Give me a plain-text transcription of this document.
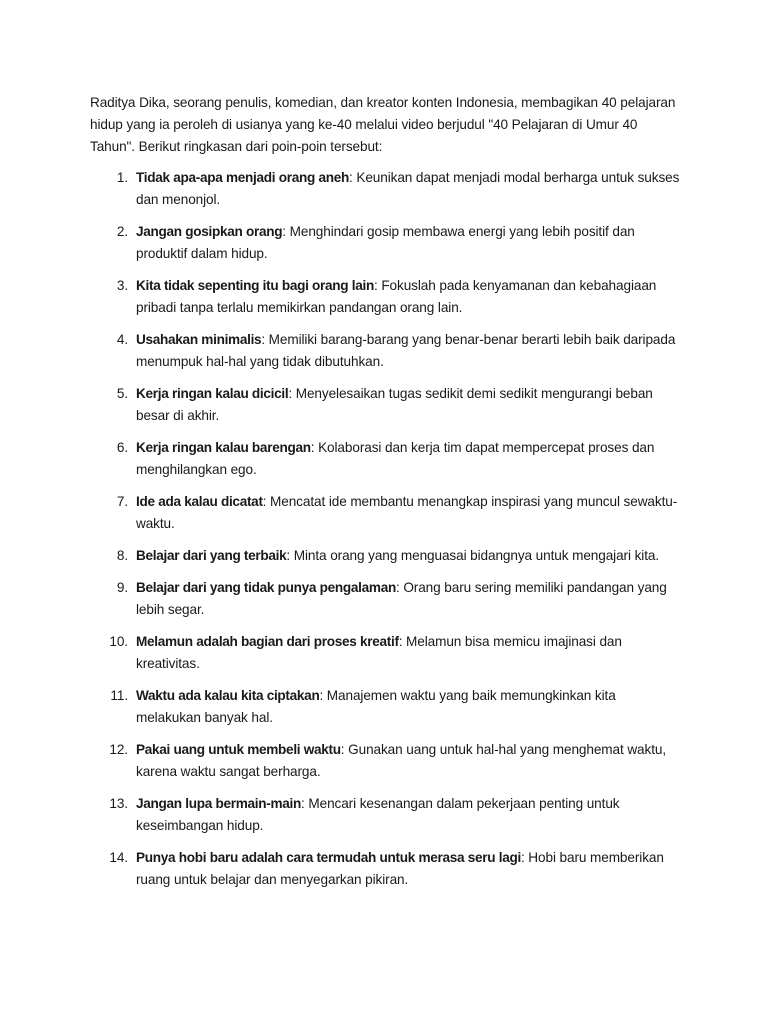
Raditya Dika, seorang penulis, komedian, dan kreator konten Indonesia, membagikan 40 pelajaran hidup yang ia peroleh di usianya yang ke-40 melalui video berjudul "40 Pelajaran di Umur 40 Tahun". Berikut ringkasan dari poin-poin tersebut:

1. Tidak apa-apa menjadi orang aneh: Keunikan dapat menjadi modal berharga untuk sukses dan menonjol.
2. Jangan gosipkan orang: Menghindari gosip membawa energi yang lebih positif dan produktif dalam hidup.
3. Kita tidak sepenting itu bagi orang lain: Fokuslah pada kenyamanan dan kebahagiaan pribadi tanpa terlalu memikirkan pandangan orang lain.
4. Usahakan minimalis: Memiliki barang-barang yang benar-benar berarti lebih baik daripada menumpuk hal-hal yang tidak dibutuhkan.
5. Kerja ringan kalau dicicil: Menyelesaikan tugas sedikit demi sedikit mengurangi beban besar di akhir.
6. Kerja ringan kalau barengan: Kolaborasi dan kerja tim dapat mempercepat proses dan menghilangkan ego.
7. Ide ada kalau dicatat: Mencatat ide membantu menangkap inspirasi yang muncul sewaktu-waktu.
8. Belajar dari yang terbaik: Minta orang yang menguasai bidangnya untuk mengajari kita.
9. Belajar dari yang tidak punya pengalaman: Orang baru sering memiliki pandangan yang lebih segar.
10. Melamun adalah bagian dari proses kreatif: Melamun bisa memicu imajinasi dan kreativitas.
11. Waktu ada kalau kita ciptakan: Manajemen waktu yang baik memungkinkan kita melakukan banyak hal.
12. Pakai uang untuk membeli waktu: Gunakan uang untuk hal-hal yang menghemat waktu, karena waktu sangat berharga.
13. Jangan lupa bermain-main: Mencari kesenangan dalam pekerjaan penting untuk keseimbangan hidup.
14. Punya hobi baru adalah cara termudah untuk merasa seru lagi: Hobi baru memberikan ruang untuk belajar dan menyegarkan pikiran.
